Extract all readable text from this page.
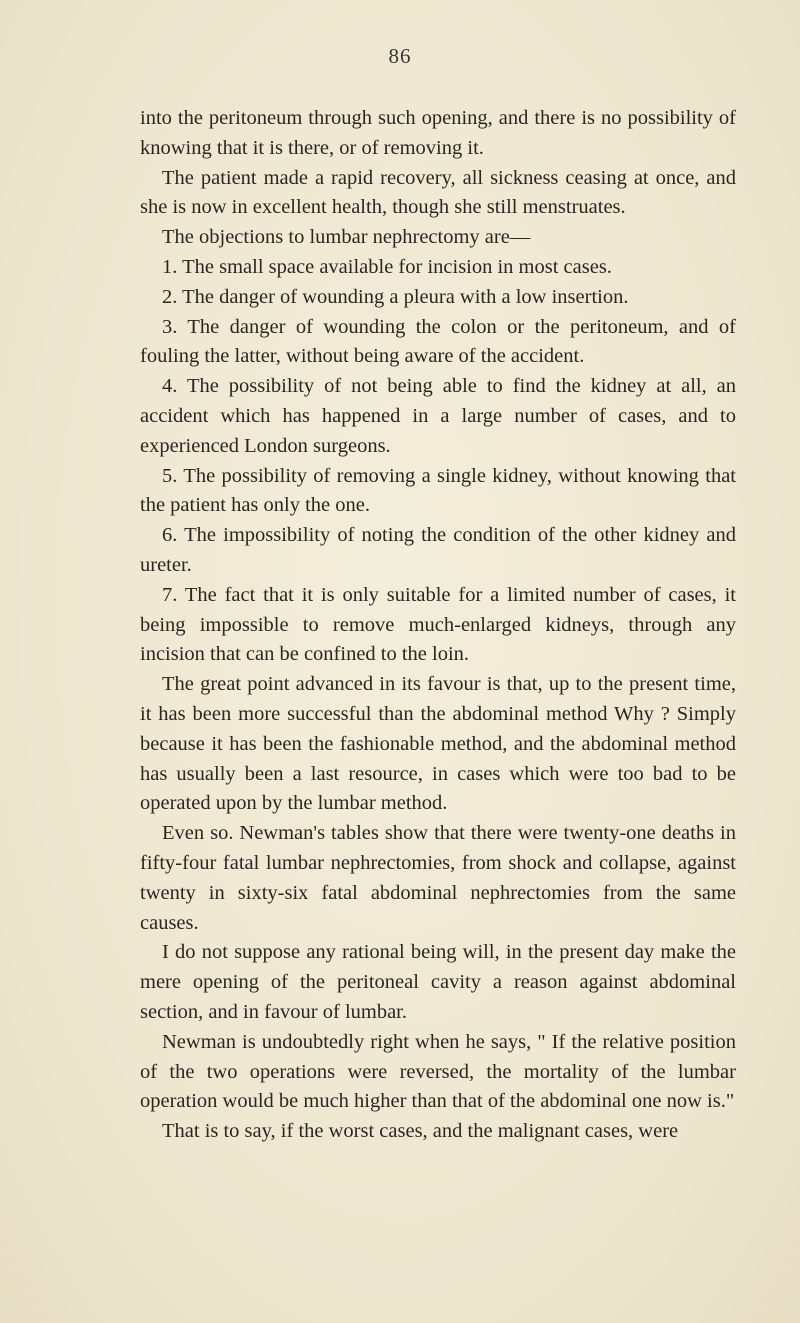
86

into the peritoneum through such opening, and there is no possibility of knowing that it is there, or of removing it.

The patient made a rapid recovery, all sickness ceasing at once, and she is now in excellent health, though she still menstruates.

The objections to lumbar nephrectomy are—

1. The small space available for incision in most cases.

2. The danger of wounding a pleura with a low insertion.

3. The danger of wounding the colon or the peritoneum, and of fouling the latter, without being aware of the accident.

4. The possibility of not being able to find the kidney at all, an accident which has happened in a large number of cases, and to experienced London surgeons.

5. The possibility of removing a single kidney, without knowing that the patient has only the one.

6. The impossibility of noting the condition of the other kidney and ureter.

7. The fact that it is only suitable for a limited number of cases, it being impossible to remove much-enlarged kidneys, through any incision that can be confined to the loin.

The great point advanced in its favour is that, up to the present time, it has been more successful than the abdominal method Why ? Simply because it has been the fashionable method, and the abdominal method has usually been a last resource, in cases which were too bad to be operated upon by the lumbar method.

Even so. Newman's tables show that there were twenty-one deaths in fifty-four fatal lumbar nephrectomies, from shock and collapse, against twenty in sixty-six fatal abdominal nephrectomies from the same causes.

I do not suppose any rational being will, in the present day make the mere opening of the peritoneal cavity a reason against abdominal section, and in favour of lumbar.

Newman is undoubtedly right when he says, " If the relative position of the two operations were reversed, the mortality of the lumbar operation would be much higher than that of the abdominal one now is."

That is to say, if the worst cases, and the malignant cases, were
